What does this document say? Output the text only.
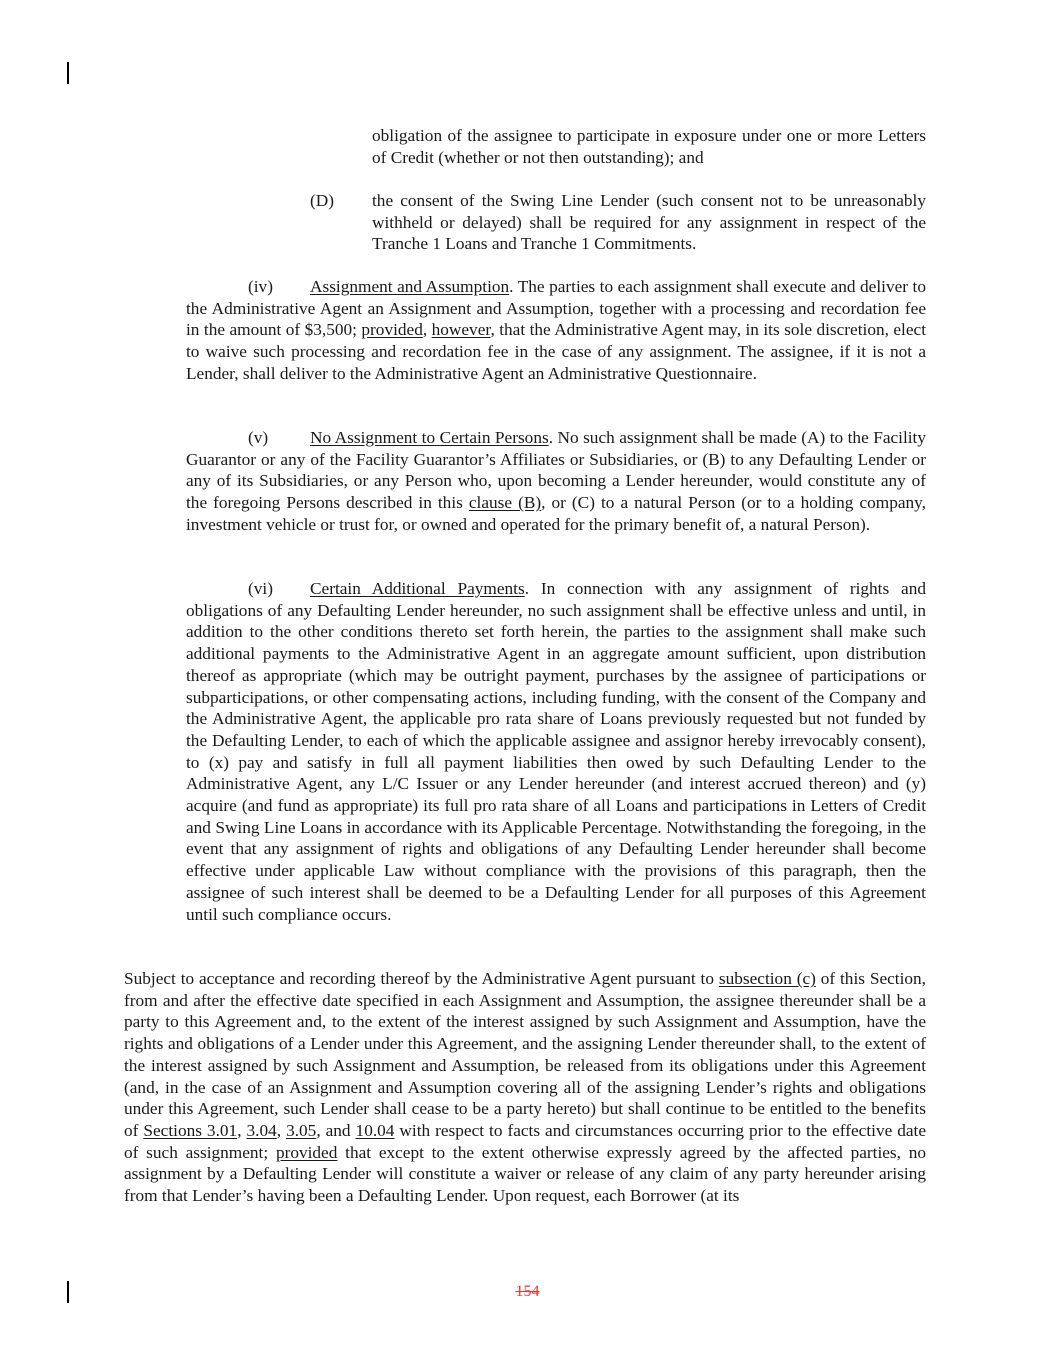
obligation of the assignee to participate in exposure under one or more Letters of Credit (whether or not then outstanding); and

(D) the consent of the Swing Line Lender (such consent not to be unreasonably withheld or delayed) shall be required for any assignment in respect of the Tranche 1 Loans and Tranche 1 Commitments.

(iv) Assignment and Assumption. The parties to each assignment shall execute and deliver to the Administrative Agent an Assignment and Assumption, together with a processing and recordation fee in the amount of $3,500; provided, however, that the Administrative Agent may, in its sole discretion, elect to waive such processing and recordation fee in the case of any assignment. The assignee, if it is not a Lender, shall deliver to the Administrative Agent an Administrative Questionnaire.

(v) No Assignment to Certain Persons. No such assignment shall be made (A) to the Facility Guarantor or any of the Facility Guarantor’s Affiliates or Subsidiaries, or (B) to any Defaulting Lender or any of its Subsidiaries, or any Person who, upon becoming a Lender hereunder, would constitute any of the foregoing Persons described in this clause (B), or (C) to a natural Person (or to a holding company, investment vehicle or trust for, or owned and operated for the primary benefit of, a natural Person).

(vi) Certain Additional Payments. In connection with any assignment of rights and obligations of any Defaulting Lender hereunder, no such assignment shall be effective unless and until, in addition to the other conditions thereto set forth herein, the parties to the assignment shall make such additional payments to the Administrative Agent in an aggregate amount sufficient, upon distribution thereof as appropriate (which may be outright payment, purchases by the assignee of participations or subparticipations, or other compensating actions, including funding, with the consent of the Company and the Administrative Agent, the applicable pro rata share of Loans previously requested but not funded by the Defaulting Lender, to each of which the applicable assignee and assignor hereby irrevocably consent), to (x) pay and satisfy in full all payment liabilities then owed by such Defaulting Lender to the Administrative Agent, any L/C Issuer or any Lender hereunder (and interest accrued thereon) and (y) acquire (and fund as appropriate) its full pro rata share of all Loans and participations in Letters of Credit and Swing Line Loans in accordance with its Applicable Percentage. Notwithstanding the foregoing, in the event that any assignment of rights and obligations of any Defaulting Lender hereunder shall become effective under applicable Law without compliance with the provisions of this paragraph, then the assignee of such interest shall be deemed to be a Defaulting Lender for all purposes of this Agreement until such compliance occurs.

Subject to acceptance and recording thereof by the Administrative Agent pursuant to subsection (c) of this Section, from and after the effective date specified in each Assignment and Assumption, the assignee thereunder shall be a party to this Agreement and, to the extent of the interest assigned by such Assignment and Assumption, have the rights and obligations of a Lender under this Agreement, and the assigning Lender thereunder shall, to the extent of the interest assigned by such Assignment and Assumption, be released from its obligations under this Agreement (and, in the case of an Assignment and Assumption covering all of the assigning Lender’s rights and obligations under this Agreement, such Lender shall cease to be a party hereto) but shall continue to be entitled to the benefits of Sections 3.01, 3.04, 3.05, and 10.04 with respect to facts and circumstances occurring prior to the effective date of such assignment; provided that except to the extent otherwise expressly agreed by the affected parties, no assignment by a Defaulting Lender will constitute a waiver or release of any claim of any party hereunder arising from that Lender’s having been a Defaulting Lender. Upon request, each Borrower (at its

154
